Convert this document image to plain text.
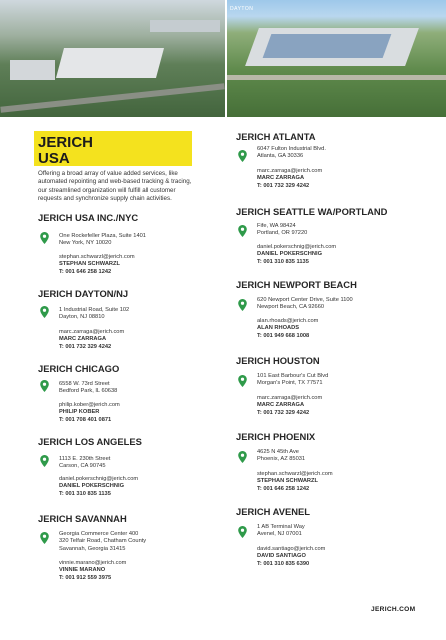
DAYTON
JERICH
USA
Offering a broad array of value added services, like automated repointing and web-based tracking & tracing, our streamlined organization will fulfill all customer requests and synchronize supply chain activities.
JERICH USA INC./NYC
One Rockefeller Plaza, Suite 1401
New York, NY 10020
stephan.schwarzl@jerich.com
STEPHAN SCHWARZL
T: 001 646 258 1242
JERICH DAYTON/NJ
1 Industrial Road, Suite 102
Dayton, NJ 08810
marc.zarraga@jerich.com
MARC ZARRAGA
T: 001 732 329 4242
JERICH CHICAGO
6558 W. 73rd Street
Bedford Park, IL 60638
philip.kober@jerich.com
PHILIP KOBER
T: 001 708 401 0871
JERICH LOS ANGELES
1113 E. 230th Street
Carson, CA 90745
daniel.pokerschnig@jerich.com
DANIEL POKERSCHNIG
T: 001 310 835 1135
JERICH SAVANNAH
Georgia Commerce Center 400
320 Telfair Road, Chatham County
Savannah, Georgia 31415
vinnie.marano@jerich.com
VINNIE MARANO
T: 001 912 559 3975
JERICH ATLANTA
6047 Fulton Industrial Blvd.
Atlanta, GA 30336
marc.zarraga@jerich.com
MARC ZARRAGA
T: 001 732 329 4242
JERICH SEATTLE WA/PORTLAND
Fife, WA 98424
Portland, OR 97220
daniel.pokerschnig@jerich.com
DANIEL POKERSCHNIG
T: 001 310 835 1135
JERICH NEWPORT BEACH
620 Newport Center Drive, Suite 1100
Newport Beach, CA 92660
alan.rhoads@jerich.com
ALAN RHOADS
T: 001 949 668 1008
JERICH HOUSTON
101 East Barbour's Cut Blvd
Morgan's Point, TX 77571
marc.zarraga@jerich.com
MARC ZARRAGA
T: 001 732 329 4242
JERICH PHOENIX
4625 N 45th Ave
Phoenix, AZ 85031
stephan.schwarzl@jerich.com
STEPHAN SCHWARZL
T: 001 646 258 1242
JERICH AVENEL
1 AB Terminal Way
Avenel, NJ 07001
david.santiago@jerich.com
DAVID SANTIAGO
T: 001 310 835 6390
JERICH.COM
